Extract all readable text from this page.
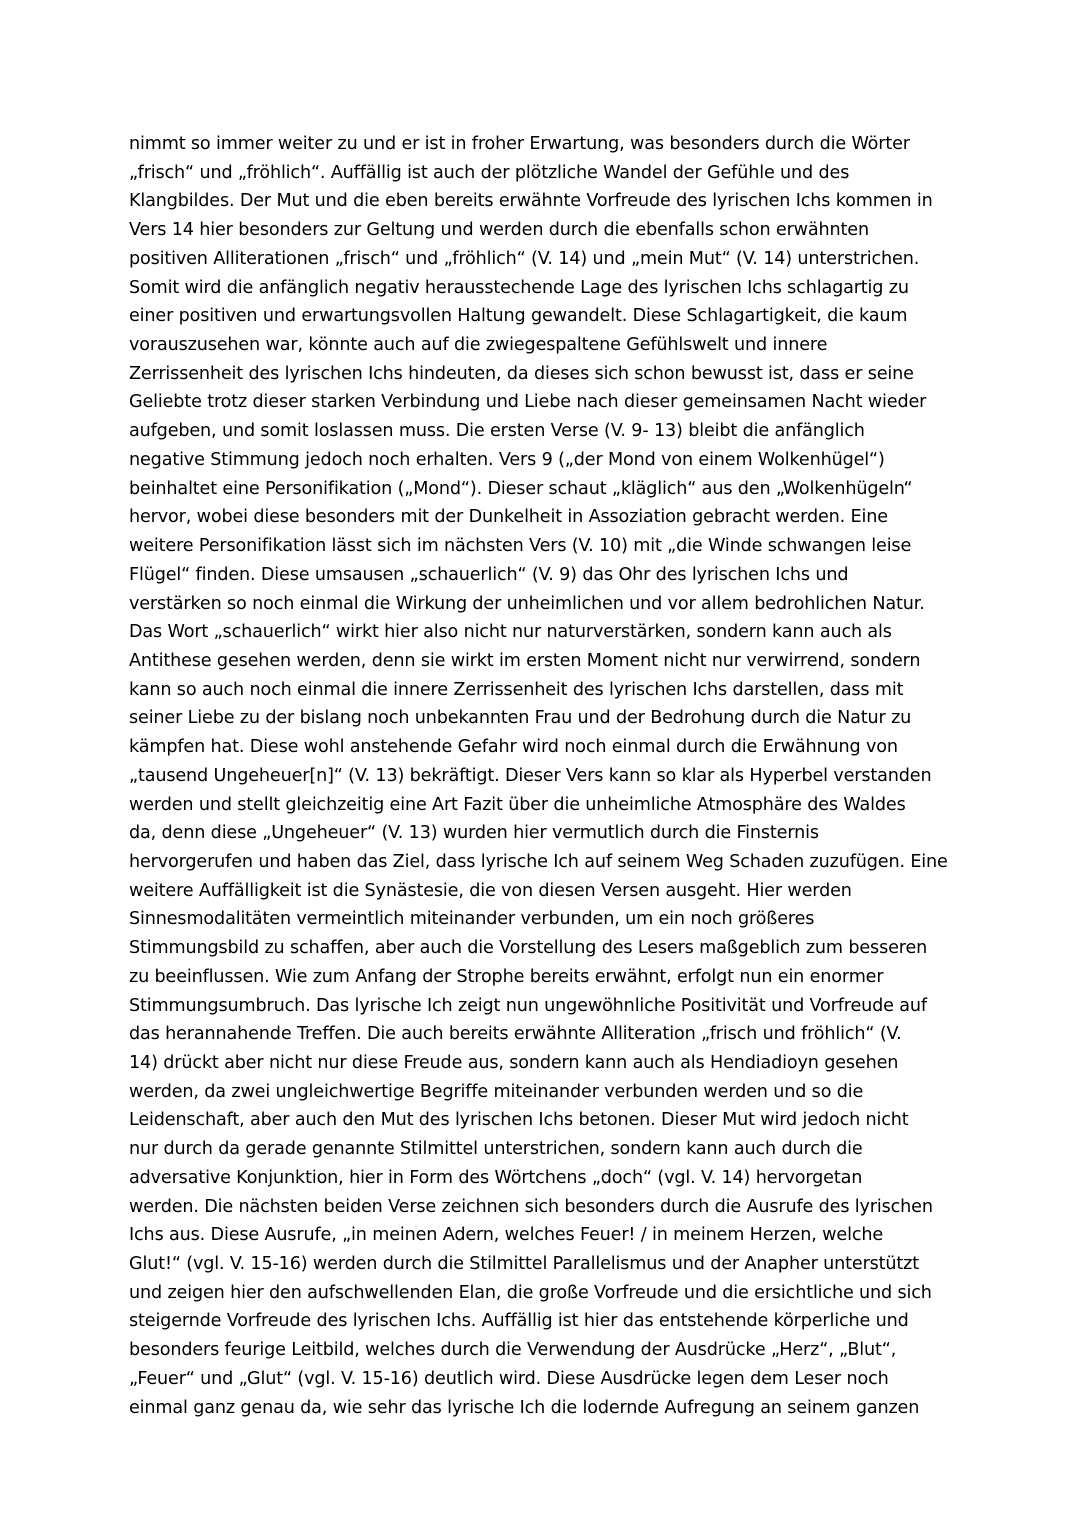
nimmt so immer weiter zu und er ist in froher Erwartung, was besonders durch die Wörter
„frisch“ und „fröhlich“. Auffällig ist auch der plötzliche Wandel der Gefühle und des
Klangbildes. Der Mut und die eben bereits erwähnte Vorfreude des lyrischen Ichs kommen in
Vers 14 hier besonders zur Geltung und werden durch die ebenfalls schon erwähnten
positiven Alliterationen „frisch“ und „fröhlich“ (V. 14) und „mein Mut“ (V. 14) unterstrichen.
Somit wird die anfänglich negativ herausstechende Lage des lyrischen Ichs schlagartig zu
einer positiven und erwartungsvollen Haltung gewandelt. Diese Schlagartigkeit, die kaum
vorauszusehen war, könnte auch auf die zwiegespaltene Gefühlswelt und innere
Zerrissenheit des lyrischen Ichs hindeuten, da dieses sich schon bewusst ist, dass er seine
Geliebte trotz dieser starken Verbindung und Liebe nach dieser gemeinsamen Nacht wieder
aufgeben, und somit loslassen muss. Die ersten Verse (V. 9- 13) bleibt die anfänglich
negative Stimmung jedoch noch erhalten. Vers 9 („der Mond von einem Wolkenhügel“)
beinhaltet eine Personifikation („Mond“). Dieser schaut „kläglich“ aus den „Wolkenhügeln“
hervor, wobei diese besonders mit der Dunkelheit in Assoziation gebracht werden. Eine
weitere Personifikation lässt sich im nächsten Vers (V. 10) mit „die Winde schwangen leise
Flügel“ finden. Diese umsausen „schauerlich“ (V. 9) das Ohr des lyrischen Ichs und
verstärken so noch einmal die Wirkung der unheimlichen und vor allem bedrohlichen Natur.
Das Wort „schauerlich“ wirkt hier also nicht nur naturverstärken, sondern kann auch als
Antithese gesehen werden, denn sie wirkt im ersten Moment nicht nur verwirrend, sondern
kann so auch noch einmal die innere Zerrissenheit des lyrischen Ichs darstellen, dass mit
seiner Liebe zu der bislang noch unbekannten Frau und der Bedrohung durch die Natur zu
kämpfen hat. Diese wohl anstehende Gefahr wird noch einmal durch die Erwähnung von
„tausend Ungeheuer[n]“ (V. 13) bekräftigt. Dieser Vers kann so klar als Hyperbel verstanden
werden und stellt gleichzeitig eine Art Fazit über die unheimliche Atmosphäre des Waldes
da, denn diese „Ungeheuer“ (V. 13) wurden hier vermutlich durch die Finsternis
hervorgerufen und haben das Ziel, dass lyrische Ich auf seinem Weg Schaden zuzufügen. Eine
weitere Auffälligkeit ist die Synästesie, die von diesen Versen ausgeht. Hier werden
Sinnesmodalitäten vermeintlich miteinander verbunden, um ein noch größeres
Stimmungsbild zu schaffen, aber auch die Vorstellung des Lesers maßgeblich zum besseren
zu beeinflussen. Wie zum Anfang der Strophe bereits erwähnt, erfolgt nun ein enormer
Stimmungsumbruch. Das lyrische Ich zeigt nun ungewöhnliche Positivität und Vorfreude auf
das herannahende Treffen. Die auch bereits erwähnte Alliteration „frisch und fröhlich“ (V.
14) drückt aber nicht nur diese Freude aus, sondern kann auch als Hendiadioyn gesehen
werden, da zwei ungleichwertige Begriffe miteinander verbunden werden und so die
Leidenschaft, aber auch den Mut des lyrischen Ichs betonen. Dieser Mut wird jedoch nicht
nur durch da gerade genannte Stilmittel unterstrichen, sondern kann auch durch die
adversative Konjunktion, hier in Form des Wörtchens „doch“ (vgl. V. 14) hervorgetan
werden. Die nächsten beiden Verse zeichnen sich besonders durch die Ausrufe des lyrischen
Ichs aus. Diese Ausrufe, „in meinen Adern, welches Feuer! / in meinem Herzen, welche
Glut!“ (vgl. V. 15-16) werden durch die Stilmittel Parallelismus und der Anapher unterstützt
und zeigen hier den aufschwellenden Elan, die große Vorfreude und die ersichtliche und sich
steigernde Vorfreude des lyrischen Ichs. Auffällig ist hier das entstehende körperliche und
besonders feurige Leitbild, welches durch die Verwendung der Ausdrücke „Herz“, „Blut“,
„Feuer“ und „Glut“ (vgl. V. 15-16) deutlich wird. Diese Ausdrücke legen dem Leser noch
einmal ganz genau da, wie sehr das lyrische Ich die lodernde Aufregung an seinem ganzen
